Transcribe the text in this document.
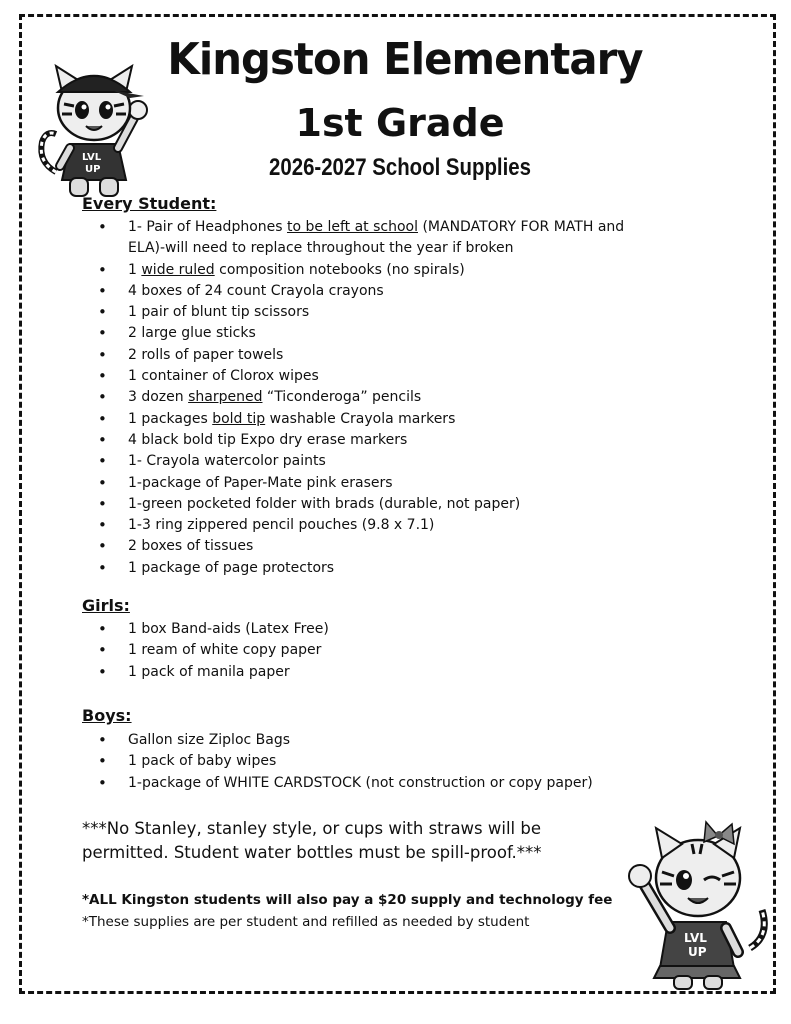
LVL
UP
LVL
UP
Kingston Elementary
1st Grade
2026-2027 School Supplies
Every Student:
• 1- Pair of Headphones to be left at school (MANDATORY FOR MATH and ELA)-will need to replace throughout the year if broken
• 1 wide ruled composition notebooks (no spirals)
• 4 boxes of 24 count Crayola crayons
• 1 pair of blunt tip scissors
• 2 large glue sticks
• 2 rolls of paper towels
• 1 container of Clorox wipes
• 3 dozen sharpened “Ticonderoga” pencils
• 1 packages bold tip washable Crayola markers
• 4 black bold tip Expo dry erase markers
• 1- Crayola watercolor paints
• 1-package of Paper-Mate pink erasers
• 1-green pocketed folder with brads (durable, not paper)
• 1-3 ring zippered pencil pouches (9.8 x 7.1)
• 2 boxes of tissues
• 1 package of page protectors
Girls:
• 1 box Band-aids (Latex Free)
• 1 ream of white copy paper
• 1 pack of manila paper
Boys:
• Gallon size Ziploc Bags
• 1 pack of baby wipes
• 1-package of WHITE CARDSTOCK (not construction or copy paper)
***No Stanley, stanley style, or cups with straws will be permitted. Student water bottles must be spill-proof.***
*ALL Kingston students will also pay a $20 supply and technology fee
*These supplies are per student and refilled as needed by student
